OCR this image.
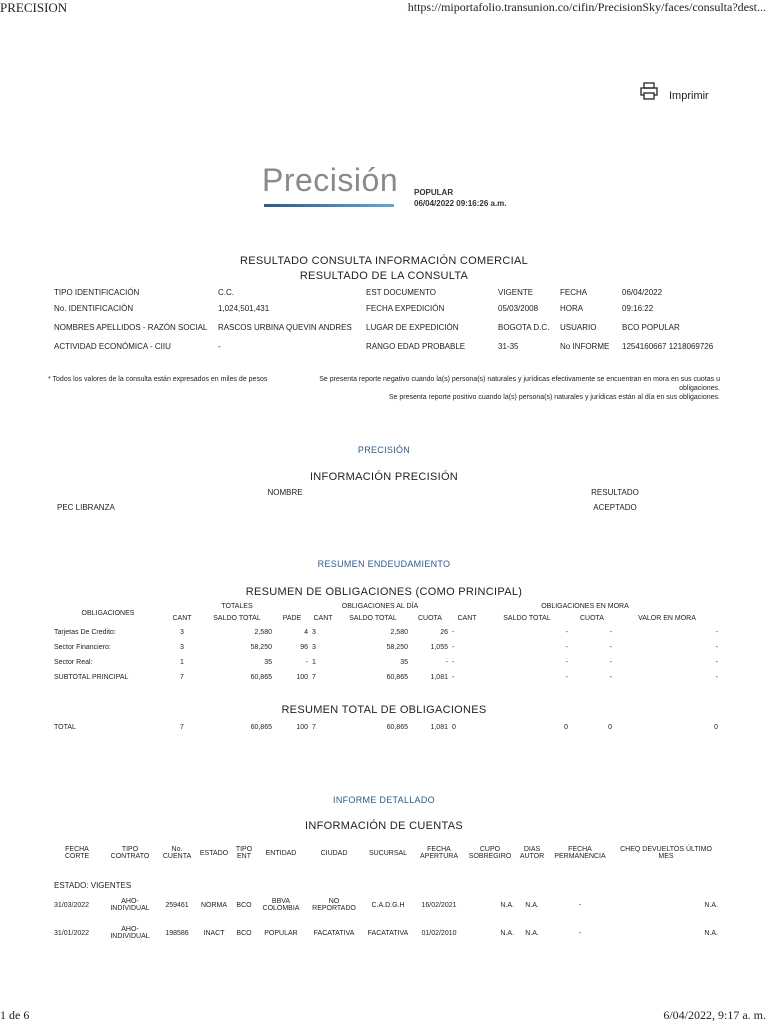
PRECISION	https://miportafolio.transunion.co/cifin/PrecisionSky/faces/consulta?dest...
1 de 6	6/04/2022, 9:17 a. m.
Imprimir
Precisión POPULAR
06/04/2022 09:16:26 a.m.
RESULTADO CONSULTA INFORMACIÓN COMERCIAL
RESULTADO DE LA CONSULTA
TIPO IDENTIFICACIÓN	C.C.	EST DOCUMENTO	VIGENTE	FECHA	06/04/2022
No. IDENTIFICACIÓN	1,024,501,431	FECHA EXPEDICIÓN	05/03/2008	HORA	09:16:22
NOMBRES APELLIDOS - RAZÓN SOCIAL	RASCOS URBINA QUEVIN ANDRES	LUGAR DE EXPEDICIÓN	BOGOTA D.C.	USUARIO	BCO POPULAR
ACTIVIDAD ECONÓMICA - CIIU	-	RANGO EDAD PROBABLE	31-35	No INFORME	1254160667 1218069726
* Todos los valores de la consulta están expresados en miles de pesos	Se presenta reporte negativo cuando la(s) persona(s) naturales y jurídicas efectivamente se encuentran en mora en sus cuotas u obligaciones.
Se presenta reporte positivo cuando la(s) persona(s) naturales y jurídicas están al día en sus obligaciones.
PRECISIÓN
INFORMACIÓN PRECISIÓN
NOMBRE	RESULTADO
PEC LIBRANZA	ACEPTADO
RESUMEN ENDEUDAMIENTO
RESUMEN DE OBLIGACIONES (COMO PRINCIPAL)
OBLIGACIONES	TOTALES			OBLIGACIONES AL DÍA			OBLIGACIONES EN MORA			
	CANT	SALDO TOTAL	PADE	CANT	SALDO TOTAL	CUOTA	CANT	SALDO TOTAL	CUOTA	VALOR EN MORA
Tarjetas De Credito:	3	2,580	4	3	2,580	26	-	-	-	-
Sector Financiero:	3	58,250	96	3	58,250	1,055	-	-	-	-
Sector Real:	1	35	-	1	35	-	-	-	-	-
SUBTOTAL PRINCIPAL	7	60,865	100	7	60,865	1,081	-	-	-	-
RESUMEN TOTAL DE OBLIGACIONES
TOTAL	7	60,865	100	7	60,865	1,081	0	0	0	0
INFORME DETALLADO
INFORMACIÓN DE CUENTAS
FECHA CORTE	TIPO CONTRATO	No. CUENTA	ESTADO	TIPO ENT	ENTIDAD	CIUDAD	SUCURSAL	FECHA APERTURA	CUPO SOBREGIRO	DIAS AUTOR	FECHA PERMANENCIA	CHEQ DEVUELTOS ÚLTIMO MES
ESTADO: VIGENTES												
31/03/2022	AHO-INDIVIDUAL	259461	NORMA	BCO	BBVA COLOMBIA	NO REPORTADO	C.A.D.G.H	16/02/2021	N.A.	N.A.	-	N.A.
31/01/2022	AHO-INDIVIDUAL	198586	INACT	BCO	POPULAR	FACATATIVA	FACATATIVA	01/02/2010	N.A.	N.A.	-	N.A.
